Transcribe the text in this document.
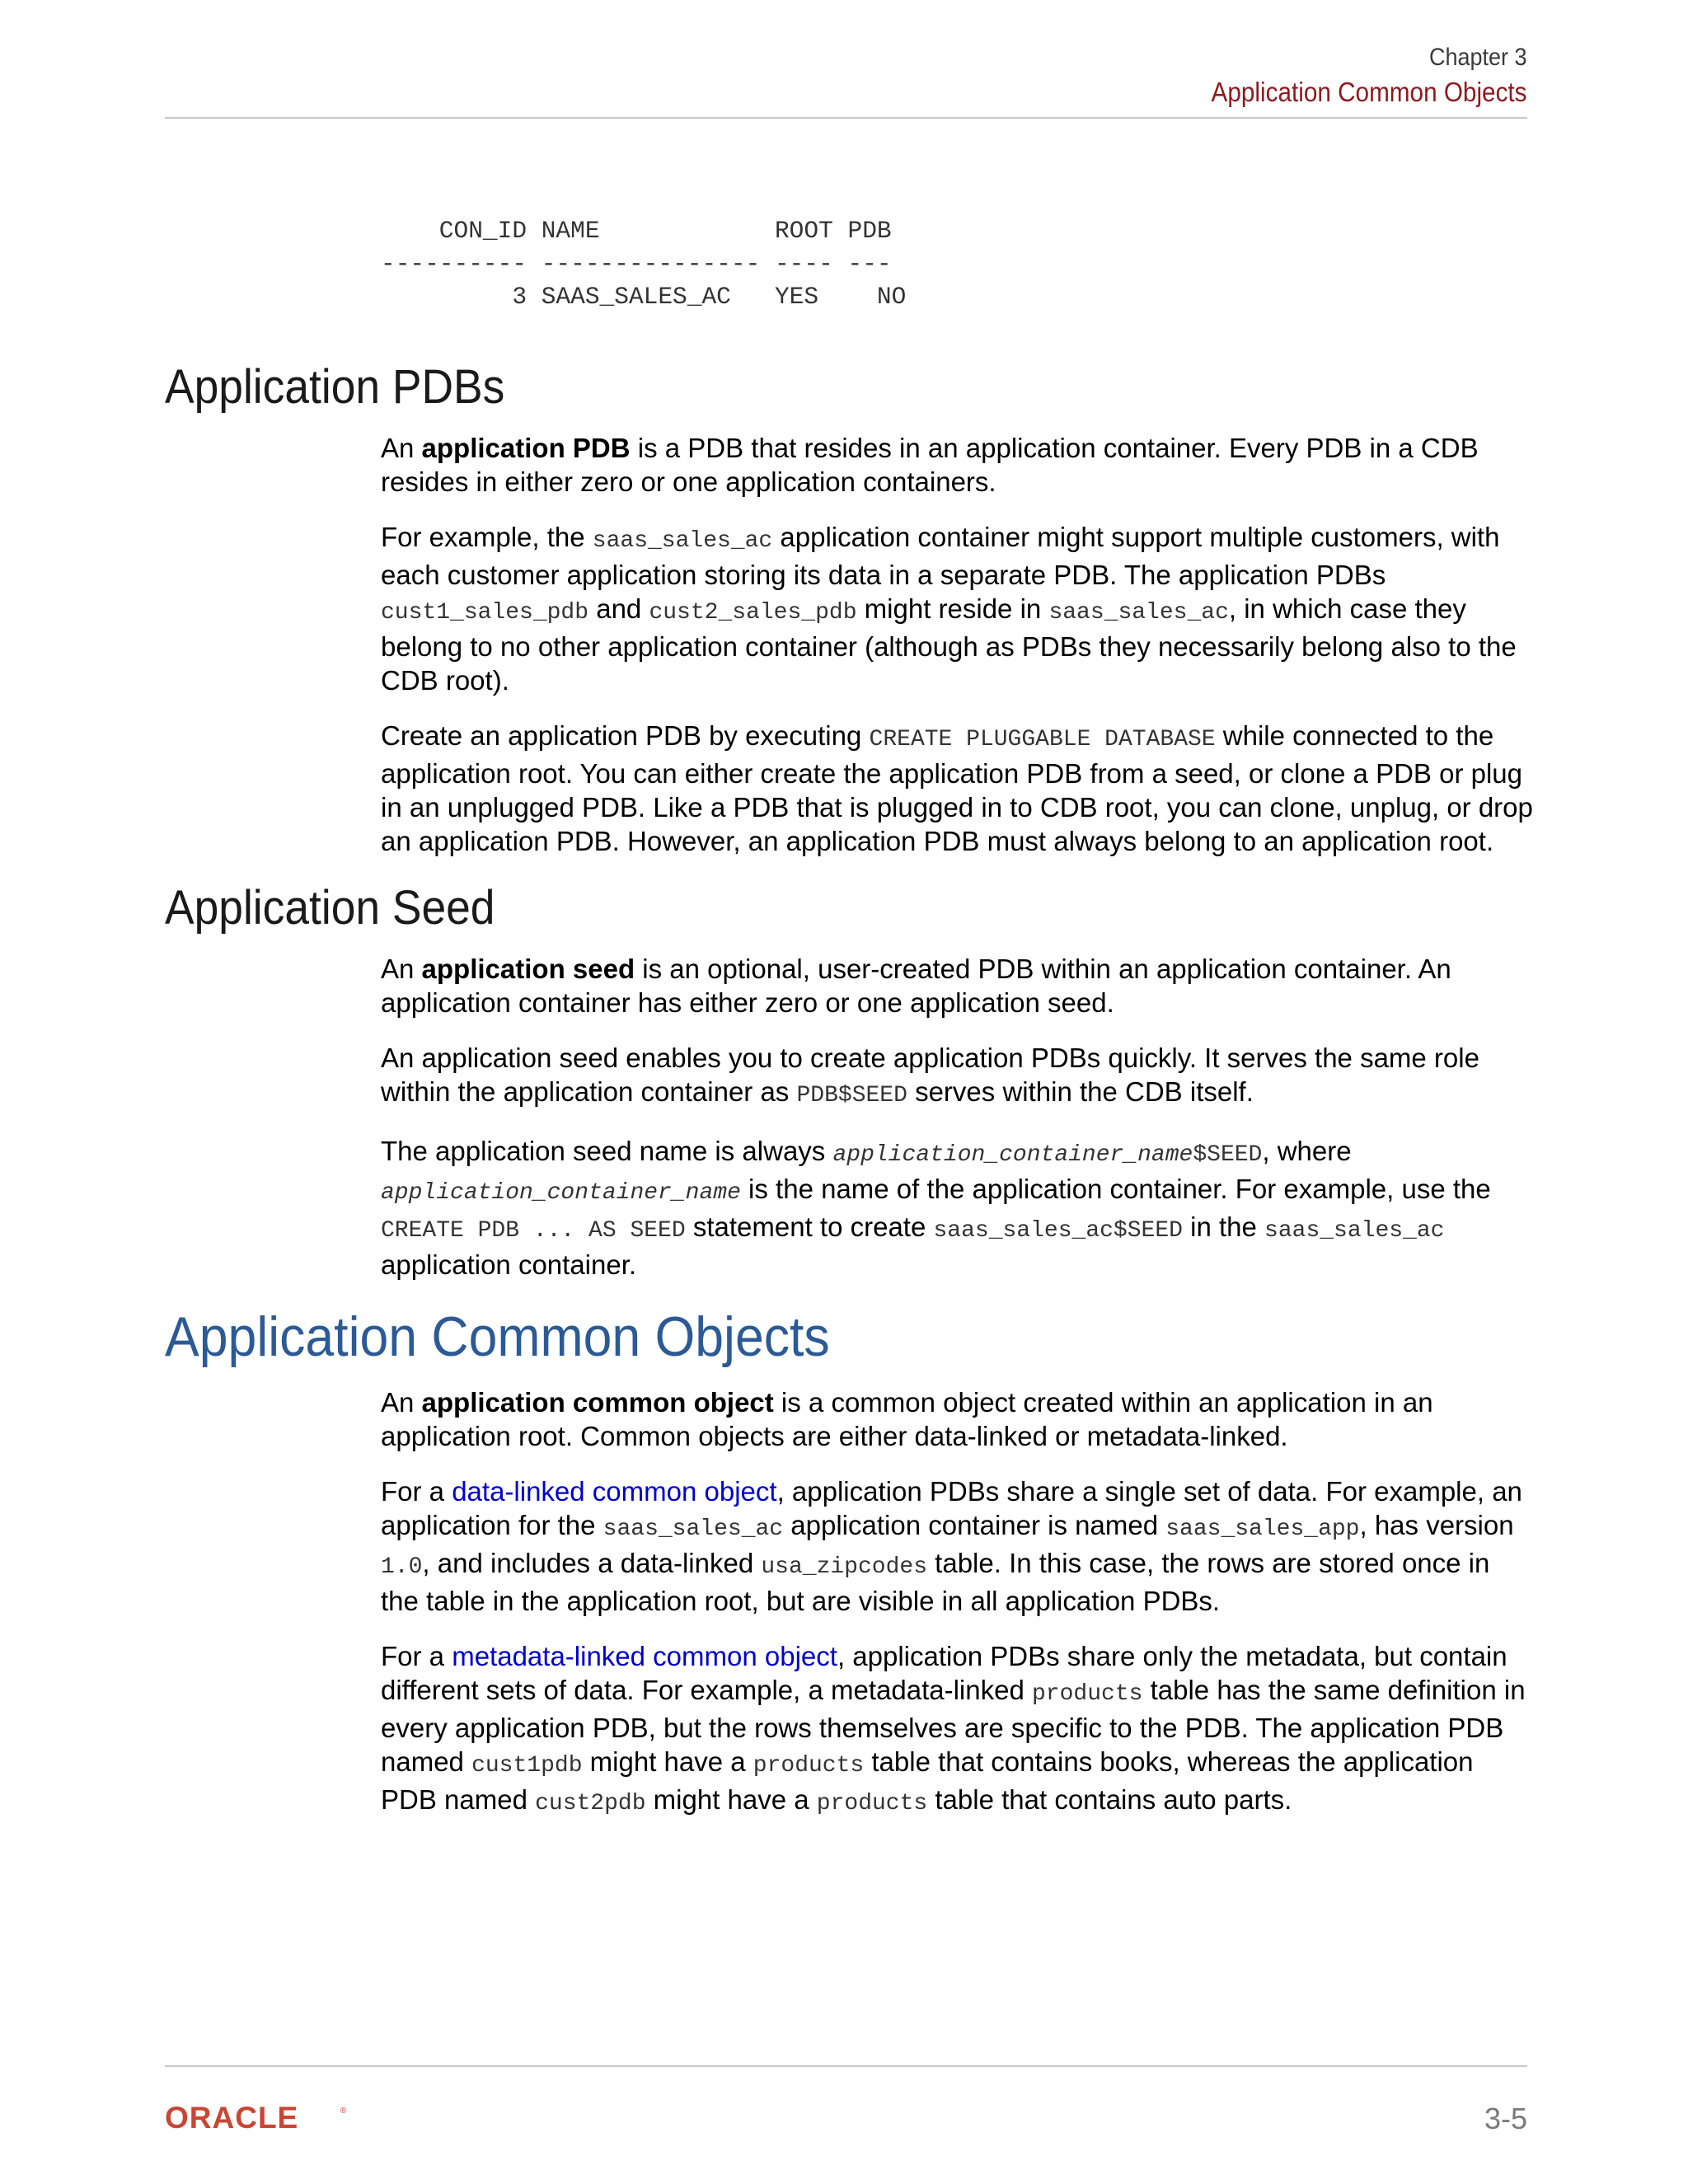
Chapter 3
Application Common Objects
CON_ID NAME            ROOT PDB
---------- --------------- ---- ---
3 SAAS_SALES_AC   YES    NO
Application PDBs

An application PDB is a PDB that resides in an application container. Every PDB in a CDB resides in either zero or one application containers.

For example, the saas_sales_ac application container might support multiple customers, with each customer application storing its data in a separate PDB. The application PDBs cust1_sales_pdb and cust2_sales_pdb might reside in saas_sales_ac, in which case they belong to no other application container (although as PDBs they necessarily belong also to the CDB root).

Create an application PDB by executing CREATE PLUGGABLE DATABASE while connected to the application root. You can either create the application PDB from a seed, or clone a PDB or plug in an unplugged PDB. Like a PDB that is plugged in to CDB root, you can clone, unplug, or drop an application PDB. However, an application PDB must always belong to an application root.

Application Seed

An application seed is an optional, user-created PDB within an application container. An application container has either zero or one application seed.

An application seed enables you to create application PDBs quickly. It serves the same role within the application container as PDB$SEED serves within the CDB itself.

The application seed name is always application_container_name$SEED, where application_container_name is the name of the application container. For example, use the CREATE PDB ... AS SEED statement to create saas_sales_ac$SEED in the saas_sales_ac application container.

Application Common Objects

An application common object is a common object created within an application in an application root. Common objects are either data-linked or metadata-linked.

For a data-linked common object, application PDBs share a single set of data. For example, an application for the saas_sales_ac application container is named saas_sales_app, has version 1.0, and includes a data-linked usa_zipcodes table. In this case, the rows are stored once in the table in the application root, but are visible in all application PDBs.

For a metadata-linked common object, application PDBs share only the metadata, but contain different sets of data. For example, a metadata-linked products table has the same definition in every application PDB, but the rows themselves are specific to the PDB. The application PDB named cust1pdb might have a products table that contains books, whereas the application PDB named cust2pdb might have a products table that contains auto parts.

ORACLE	®	3-5
